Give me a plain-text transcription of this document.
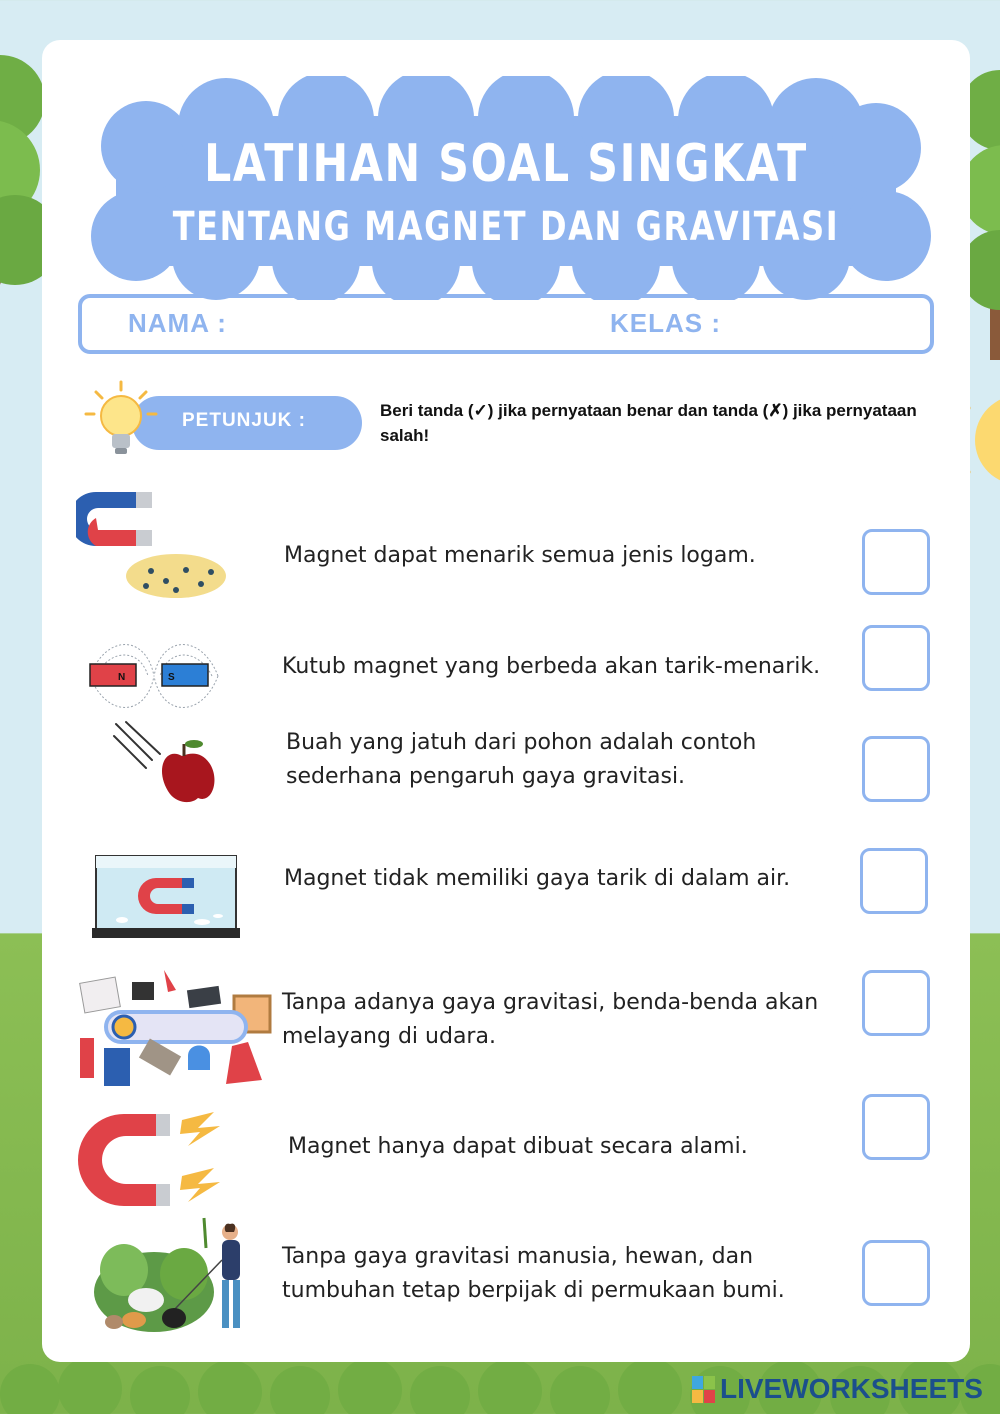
LATIHAN SOAL SINGKAT
TENTANG MAGNET DAN GRAVITASI
NAMA :	KELAS :
PETUNJUK :	Beri tanda (✓) jika pernyataan benar dan tanda (✗) jika pernyataan salah!
Magnet dapat menarik semua jenis logam.
N	S	Kutub magnet yang berbeda akan tarik-menarik.
Buah yang jatuh dari pohon adalah contoh sederhana pengaruh gaya gravitasi.
Magnet tidak memiliki gaya tarik di dalam air.
Tanpa adanya gaya gravitasi, benda-benda akan melayang di udara.
Magnet hanya dapat dibuat secara alami.
Tanpa gaya gravitasi manusia, hewan, dan tumbuhan tetap berpijak di permukaan bumi.
LIVEWORKSHEETS
